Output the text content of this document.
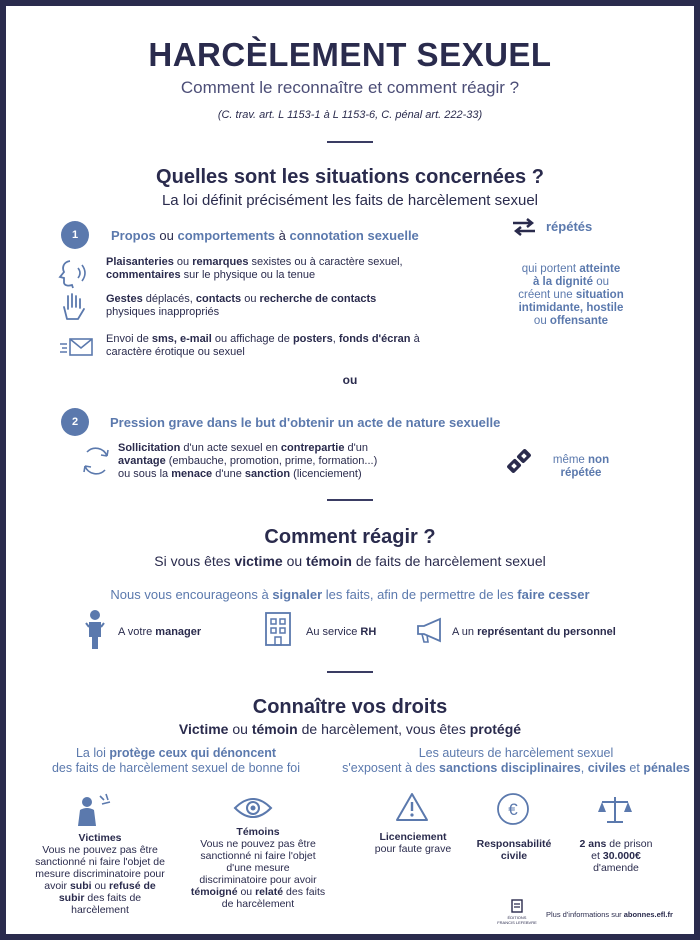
HARCÈLEMENT SEXUEL
Comment le reconnaître et comment réagir ?
(C. trav. art. L 1153-1 à L 1153-6, C. pénal art. 222-33)
Quelles sont les situations concernées ?
La loi définit précisément les faits de harcèlement sexuel
1	Propos ou comportements à connotation sexuelle
Plaisanteries ou remarques sexistes ou à caractère sexuel,
commentaires sur le physique ou la tenue
Gestes déplacés, contacts ou recherche de contacts
physiques inappropriés
Envoi de sms, e-mail ou affichage de posters, fonds d'écran à
caractère érotique ou sexuel
répétés
qui portent atteinte
à la dignité ou
créent une situation
intimidante, hostile
ou offensante
ou
2	Pression grave dans le but d'obtenir un acte de nature sexuelle
Sollicitation d'un acte sexuel en contrepartie d'un
avantage (embauche, promotion, prime, formation...)
ou sous la menace d'une sanction (licenciement)
même non
répétée
Comment réagir ?
Si vous êtes victime ou témoin de faits de harcèlement sexuel
Nous vous encourageons à signaler les faits, afin de permettre de les faire cesser
A votre manager	Au service RH	A un représentant du personnel
Connaître vos droits
Victime ou témoin de harcèlement, vous êtes protégé
La loi protège ceux qui dénoncent
des faits de harcèlement sexuel de bonne foi
Les auteurs de harcèlement sexuel
s'exposent à des sanctions disciplinaires, civiles et pénales
Victimes
Vous ne pouvez pas être
sanctionné ni faire l'objet de
mesure discriminatoire pour
avoir subi ou refusé de
subir des faits de
harcèlement
Témoins
Vous ne pouvez pas être
sanctionné ni faire l'objet
d'une mesure
discriminatoire pour avoir
témoigné ou relaté des faits
de harcèlement
Licenciement
pour faute grave
€
Responsabilité
civile
2 ans de prison
et 30.000€
d'amende
ÉDITIONS
FRANCIS LEFEBVRE
Plus d'informations sur abonnes.efl.fr
